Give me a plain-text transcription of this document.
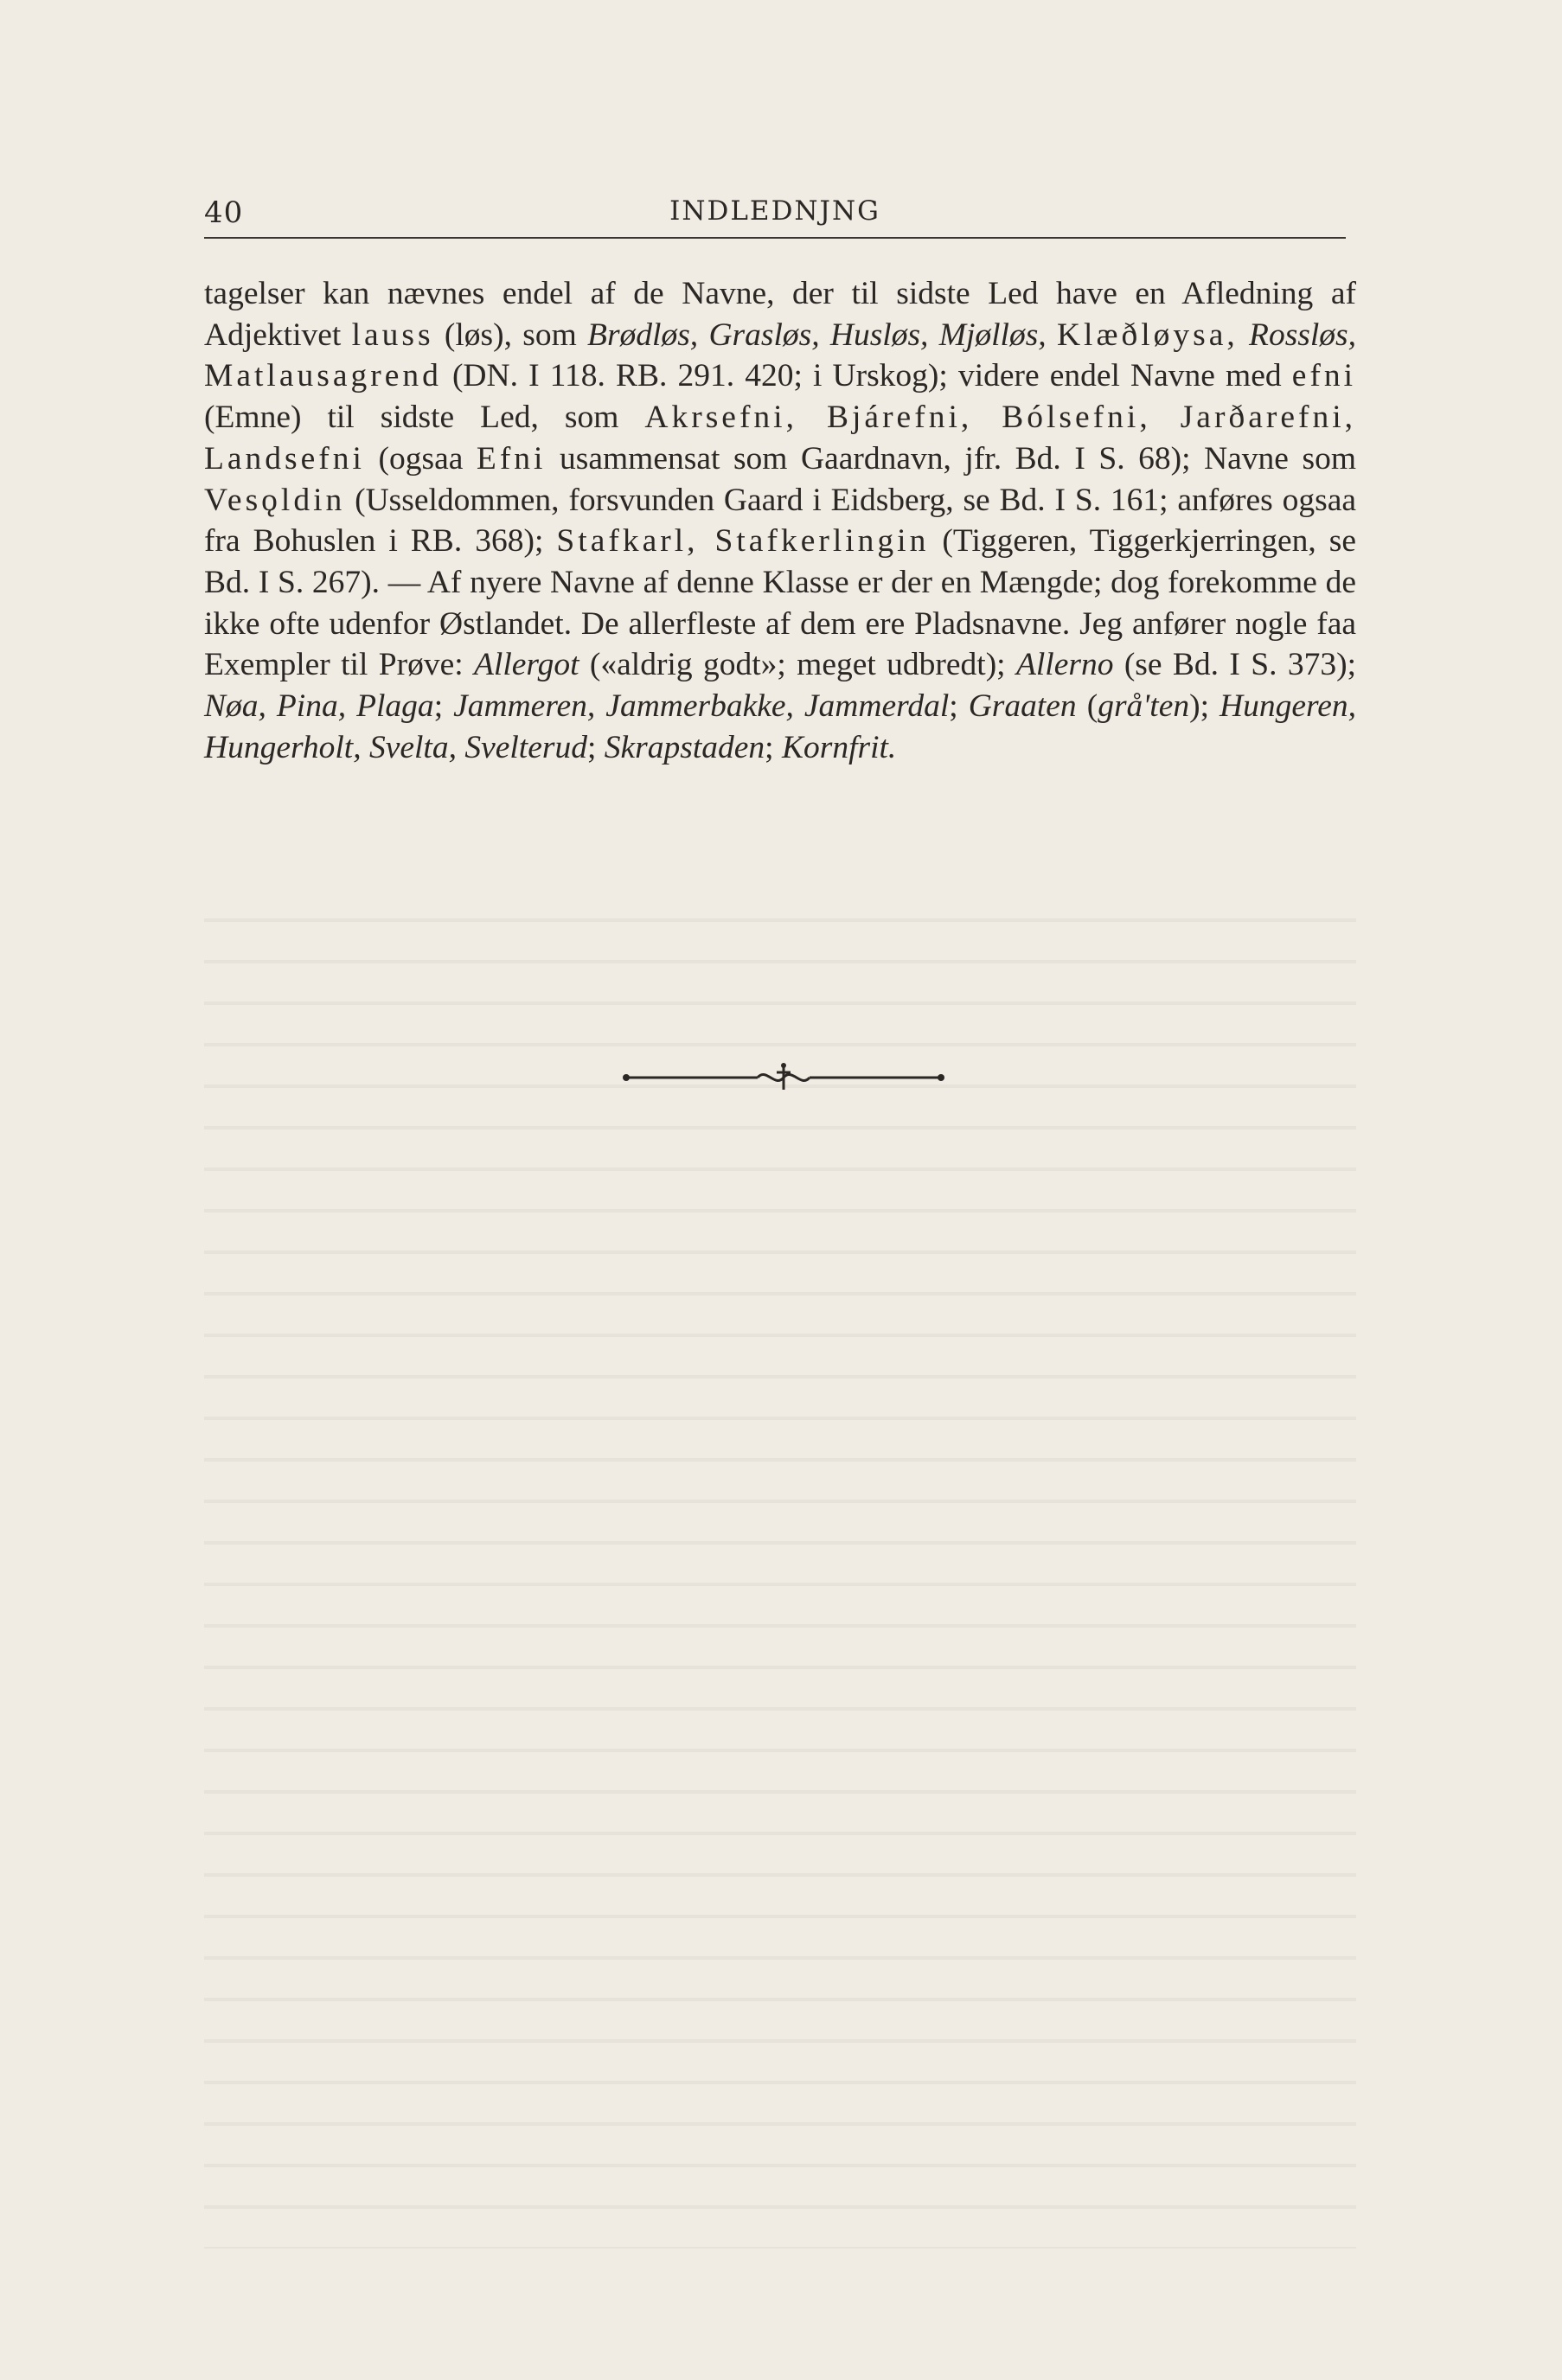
40	INDLEDNJNG
tagelser kan nævnes endel af de Navne, der til sidste Led have en Afledning af Adjektivet lauss (løs), som Brødløs, Grasløs, Husløs, Mjølløs, Klæðløysa, Rossløs, Matlausagrend (DN. I 118. RB. 291. 420; i Urskog); videre endel Navne med efni (Emne) til sidste Led, som Akrsefni, Bjárefni, Bólsefni, Jarðarefni, Landsefni (ogsaa Efni usammensat som Gaardnavn, jfr. Bd. I S. 68); Navne som Vesǫldin (Usseldommen, forsvunden Gaard i Eidsberg, se Bd. I S. 161; anføres ogsaa fra Bohuslen i RB. 368); Stafkarl, Stafkerlingin (Tiggeren, Tiggerkjerringen, se Bd. I S. 267). — Af nyere Navne af denne Klasse er der en Mængde; dog forekomme de ikke ofte udenfor Østlandet. De allerfleste af dem ere Pladsnavne. Jeg anfører nogle faa Exempler til Prøve: Allergot («aldrig godt»; meget udbredt); Allerno (se Bd. I S. 373); Nøa, Pina, Plaga; Jammeren, Jammerbakke, Jammerdal; Graaten (grå'ten); Hungeren, Hungerholt, Svelta, Svelterud; Skrapstaden; Kornfrit.
